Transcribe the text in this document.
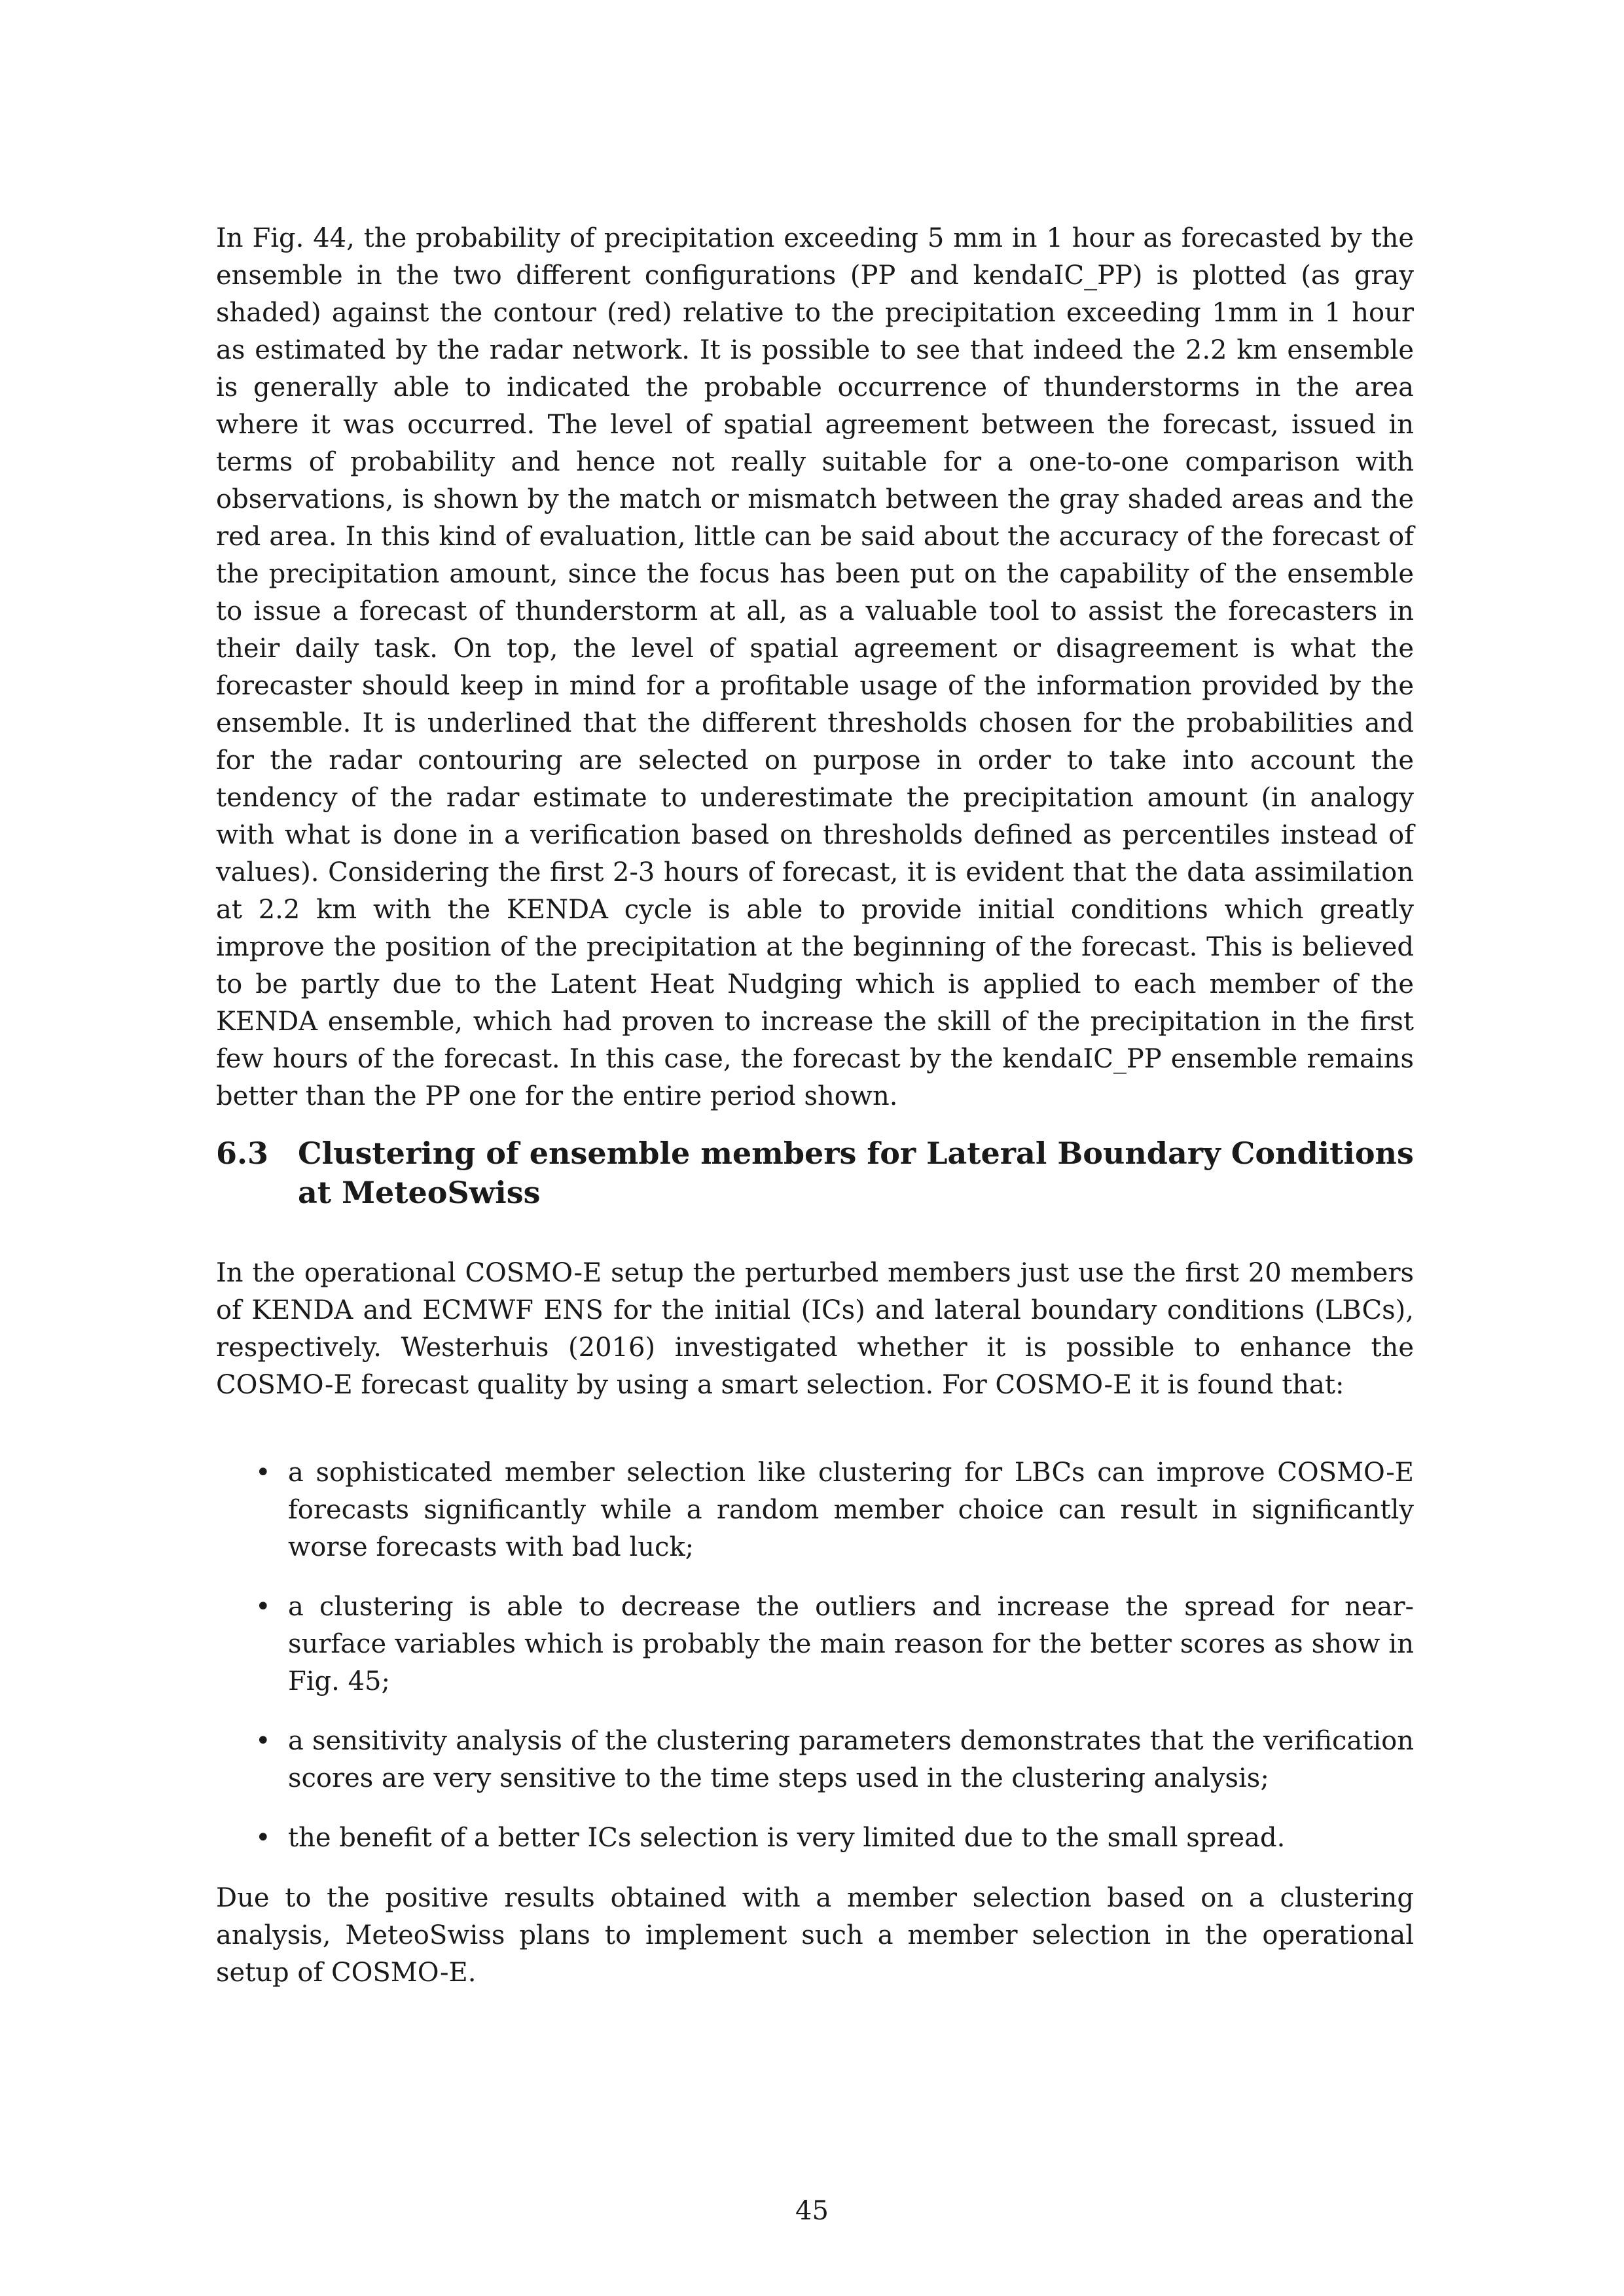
In Fig. 44, the probability of precipitation exceeding 5 mm in 1 hour as forecasted by the ensemble in the two different configurations (PP and kendaIC_PP) is plotted (as gray shaded) against the contour (red) relative to the precipitation exceeding 1mm in 1 hour as estimated by the radar network. It is possible to see that indeed the 2.2 km ensemble is generally able to indicated the probable occurrence of thunderstorms in the area where it was occurred. The level of spatial agreement between the forecast, issued in terms of probability and hence not really suitable for a one-to-one comparison with observations, is shown by the match or mismatch between the gray shaded areas and the red area. In this kind of evaluation, little can be said about the accuracy of the forecast of the precipitation amount, since the focus has been put on the capability of the ensemble to issue a forecast of thunderstorm at all, as a valuable tool to assist the forecasters in their daily task. On top, the level of spatial agreement or disagreement is what the forecaster should keep in mind for a profitable usage of the information provided by the ensemble. It is underlined that the different thresholds chosen for the probabilities and for the radar contouring are selected on purpose in order to take into account the tendency of the radar estimate to underestimate the precipitation amount (in analogy with what is done in a verification based on thresholds defined as percentiles instead of values). Considering the first 2-3 hours of forecast, it is evident that the data assimilation at 2.2 km with the KENDA cycle is able to provide initial conditions which greatly improve the position of the precipitation at the beginning of the forecast. This is believed to be partly due to the Latent Heat Nudging which is applied to each member of the KENDA ensemble, which had proven to increase the skill of the precipitation in the first few hours of the forecast. In this case, the forecast by the kendaIC_PP ensemble remains better than the PP one for the entire period shown.

6.3 Clustering of ensemble members for Lateral Boundary Conditions at MeteoSwiss

In the operational COSMO-E setup the perturbed members just use the first 20 members of KENDA and ECMWF ENS for the initial (ICs) and lateral boundary conditions (LBCs), respectively. Westerhuis (2016) investigated whether it is possible to enhance the COSMO-E forecast quality by using a smart selection. For COSMO-E it is found that:

• a sophisticated member selection like clustering for LBCs can improve COSMO-E forecasts significantly while a random member choice can result in significantly worse forecasts with bad luck;
• a clustering is able to decrease the outliers and increase the spread for near-surface variables which is probably the main reason for the better scores as show in Fig. 45;
• a sensitivity analysis of the clustering parameters demonstrates that the verification scores are very sensitive to the time steps used in the clustering analysis;
• the benefit of a better ICs selection is very limited due to the small spread.

Due to the positive results obtained with a member selection based on a clustering analysis, MeteoSwiss plans to implement such a member selection in the operational setup of COSMO-E.

45
